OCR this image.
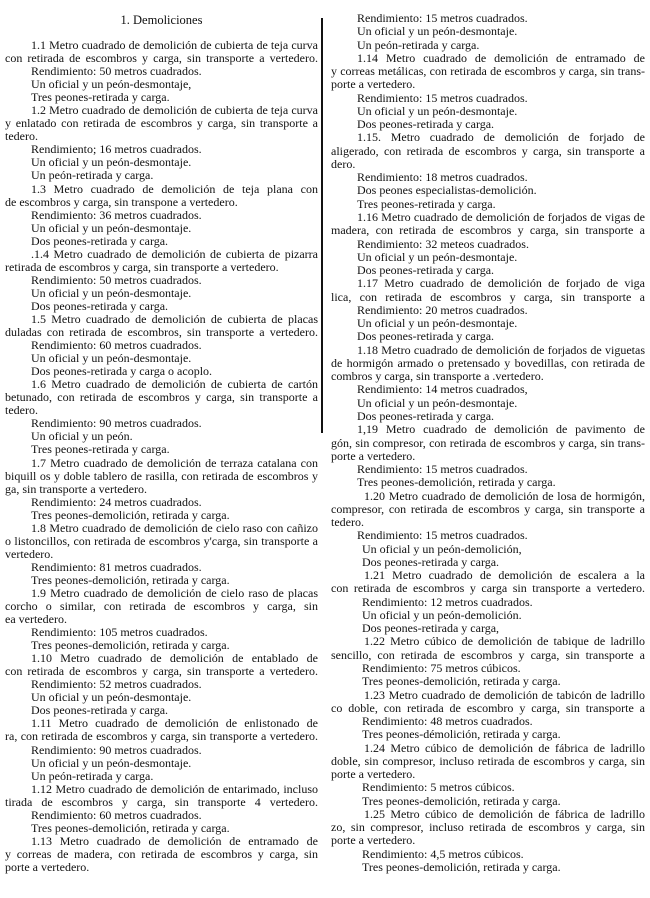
1. Demoliciones
1.1 Metro cuadrado de demolición de cubierta de teja curva
con retirada de escombros y carga, sin transporte a vertedero.
Rendimiento: 50 metros cuadrados.
Un oficial y un peón-desmontaje,
Tres peones-retirada y carga.
1.2 Metro cuadrado de demolición de cubierta de teja curva
y enlatado con retirada de escombros y carga, sin transporte a
tedero.
Rendimiento; 16 metros cuadrados.
Un oficial y un peón-desmontaje.
Un peón-retirada y carga.
1.3 Metro cuadrado de demolición de teja plana con
de escombros y carga, sin transpone a vertedero.
Rendimiento: 36 metros cuadrados.
Un oficial y un peón-desmontaje.
Dos peones-retirada y carga.
.1.4 Metro cuadrado de demolición de cubierta de pizarra
retirada de escombros y carga, sin transporte a vertedero.
Rendimiento: 50 metros cuadrados.
Un oficial y un peón-desmontaje.
Dos peones-retirada y carga.
1.5 Metro cuadrado de demolición de cubierta de placas
duladas con retirada de escombros, sin transporte a vertedero.
Rendimiento: 60 metros cuadrados.
Un oficial y un peón-desmontaje.
Dos peones-retirada y carga o acoplo.
1.6 Metro cuadrado de demolición de cubierta de cartón
betunado, con retirada de escombros y carga, sin transporte a
tedero.
Rendimiento: 90 metros cuadrados.
Un oficial y un peón.
Tres peones-retirada y carga.
1.7 Metro cuadrado de demolición de terraza catalana con
biquill os y doble tablero de rasilla, con retirada de escombros y
ga, sin transporte a vertedero.
Rendimiento: 24 metros cuadrados.
Tres peones-demolición, retirada y carga.
1.8 Metro cuadrado de demolición de cielo raso con cañizo
o listoncillos, con retirada de escombros y'carga, sin transporte a
vertedero.
Rendimiento: 81 metros cuadrados.
Tres peones-demolición, retirada y carga.
1.9 Metro cuadrado de demolición de cielo raso de placas
corcho o similar, con retirada de escombros y carga, sin
ea vertedero.
Rendimiento: 105 metros cuadrados.
Tres peones-demolición, retirada y carga.
1.10 Metro cuadrado de demolición de entablado de
con retirada de escombros y carga, sin transporte a vertedero.
Rendimiento: 52 metros cuadrados.
Un oficial y un peón-desmontaje.
Dos peones-retirada y carga.
1.11 Metro cuadrado de demolición de enlistonado de
ra, con retirada de escombros y carga, sin transporte a vertedero.
Rendimiento: 90 metros cuadrados.
Un oficial y un peón-desmontaje.
Un peón-retirada y carga.
1.12 Metro cuadrado de demolición de entarimado, incluso
tirada de escombros y carga, sin transporte 4 vertedero.
Rendimiento: 60 metros cuadrados.
Tres peones-demolición, retirada y carga.
1.13 Metro cuadrado de demolición de entramado de
y correas de madera, con retirada de escombros y carga, sin
porte a vertedero.
Rendimiento: 15 metros cuadrados.
Un oficial y un peón-desmontaje.
Un peón-retirada y carga.
1.14 Metro cuadrado de demolición de entramado de
y correas metálicas, con retirada de escombros y carga, sin trans-
porte a vertedero.
Rendimiento: 15 metros cuadrados.
Un oficial y un peón-desmontaje.
Dos peones-retirada y carga.
1.15. Metro cuadrado de demolición de forjado de
aligerado, con retirada de escombros y carga, sin transporte a
dero.
Rendimiento: 18 metros cuadrados.
Dos peones especialistas-demolición.
Tres peones-retirada y carga.
1.16 Metro cuadrado de demolición de forjados de vigas de
madera, con retirada de escombros y carga, sin transporte a
Rendimiento: 32 meteos cuadrados.
Un oficial y un peón-desmontaje.
Dos peones-retirada y carga.
1.17 Metro cuadrado de demolición de forjado de viga
lica, con retirada de escombros y carga, sin transporte a
Rendimiento: 20 metros cuadrados.
Un oficial y un peón-desmontaje.
Dos peones-retirada y carga.
1.18 Metro cuadrado de demolición de forjados de viguetas
de hormigón armado o pretensado y bovedillas, con retirada de
combros y carga, sin transporte a .vertedero.
Rendimiento: 14 metros cuadrados,
Un oficial y un peón-desmontaje.
Dos peones-retirada y carga.
1,19 Metro cuadrado de demolición de pavimento de
gón, sin compresor, con retirada de escombros y carga, sin trans-
porte a vertedero.
Rendimiento: 15 metros cuadrados.
Tres peones-demolición, retirada y carga.
1.20 Metro cuadrado de demolición de losa de hormigón,
compresor, con retirada de escombros y carga, sin transporte a
tedero.
Rendimiento: 15 metros cuadrados.
Un oficial y un peón-demolición,
Dos peones-retirada y carga.
1.21 Metro cuadrado de demolición de escalera a la
con retirada de escombros y carga sin transporte a vertedero.
Rendimiento: 12 metros cuadrados.
Un oficial y un peón-demolición.
Dos peones-retirada y carga,
1.22 Metro cúbico de demolición de tabique de ladrillo
sencillo, con retirada de escombros y carga, sin transporte a
Rendimiento: 75 metros cúbicos.
Tres peones-demolición, retirada y carga.
1.23 Metro cuadrado de demolición de tabicón de ladrillo
co doble, con retirada de escombro y carga, sin transporte a
Rendimiento: 48 metros cuadrados.
Tres peones-démolición, retirada y carga.
1.24 Metro cúbico de demolición de fábrica de ladrillo
doble, sin compresor, incluso retirada de escombros y carga, sin
porte a vertedero.
Rendimiento: 5 metros cúbicos.
Tres peones-demolición, retirada y carga.
1.25 Metro cúbico de demolición de fábrica de ladrillo
zo, sin compresor, incluso retirada de escombros y carga, sin
porte a vertedero.
Rendimiento: 4,5 metros cúbicos.
Tres peones-demolición, retirada y carga.
